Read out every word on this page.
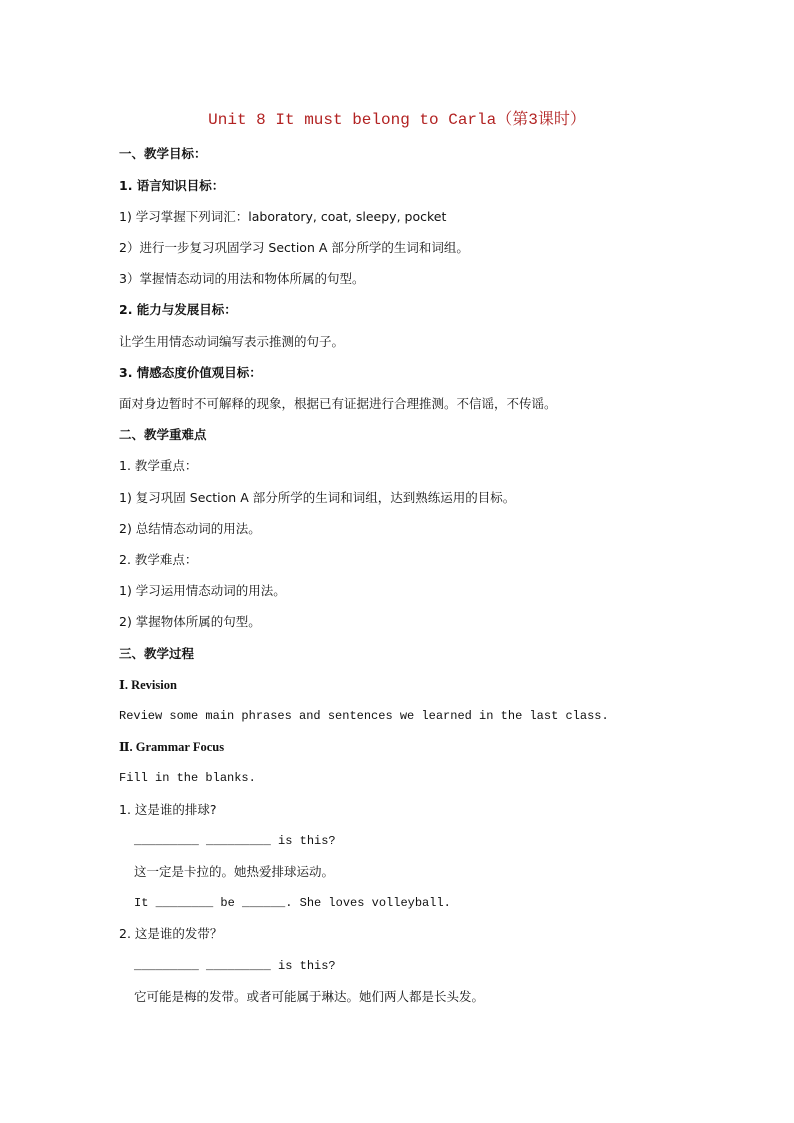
Unit 8 It must belong to Carla（第3课时）
一、教学目标：
1. 语言知识目标：
1) 学习掌握下列词汇：laboratory, coat, sleepy, pocket
2）进行一步复习巩固学习 Section A 部分所学的生词和词组。
3）掌握情态动词的用法和物体所属的句型。
2. 能力与发展目标：
让学生用情态动词编写表示推测的句子。
3. 情感态度价值观目标：
面对身边暂时不可解释的现象，根据已有证据进行合理推测。不信谣，不传谣。
二、教学重难点
1. 教学重点：
1) 复习巩固 Section A 部分所学的生词和词组，达到熟练运用的目标。
2) 总结情态动词的用法。
2. 教学难点：
1) 学习运用情态动词的用法。
2) 掌握物体所属的句型。
三、教学过程
Ⅰ. Revision
Review some main phrases and sentences we learned in the last class.
Ⅱ. Grammar Focus
Fill in the blanks.
1. 这是谁的排球?
_________ _________ is this?
这一定是卡拉的。她热爱排球运动。
It ________ be ______. She loves volleyball.
2. 这是谁的发带？
_________ _________ is this?
它可能是梅的发带。或者可能属于琳达。她们两人都是长头发。
